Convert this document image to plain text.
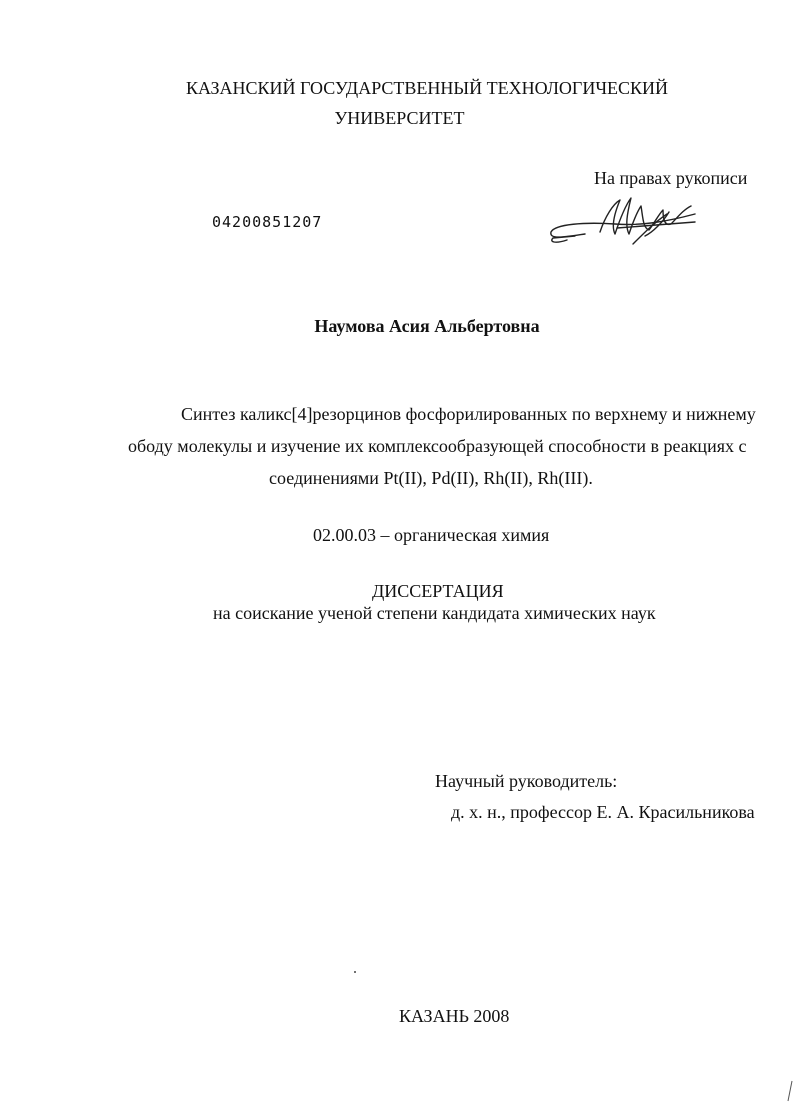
КАЗАНСКИЙ ГОСУДАРСТВЕННЫЙ ТЕХНОЛОГИЧЕСКИЙ
УНИВЕРСИТЕТ
На правах рукописи
04200851207
Наумова Асия Альбертовна
Синтез каликс[4]резорцинов фосфорилированных по верхнему и нижнему
ободу молекулы и изучение их комплексообразующей способности в реакциях с
соединениями Pt(II), Pd(II), Rh(II), Rh(III).
02.00.03 – органическая химия
ДИССЕРТАЦИЯ
на соискание ученой степени кандидата химических наук
Научный руководитель:
д. х. н., профессор Е. А. Красильникова
КАЗАНЬ 2008
